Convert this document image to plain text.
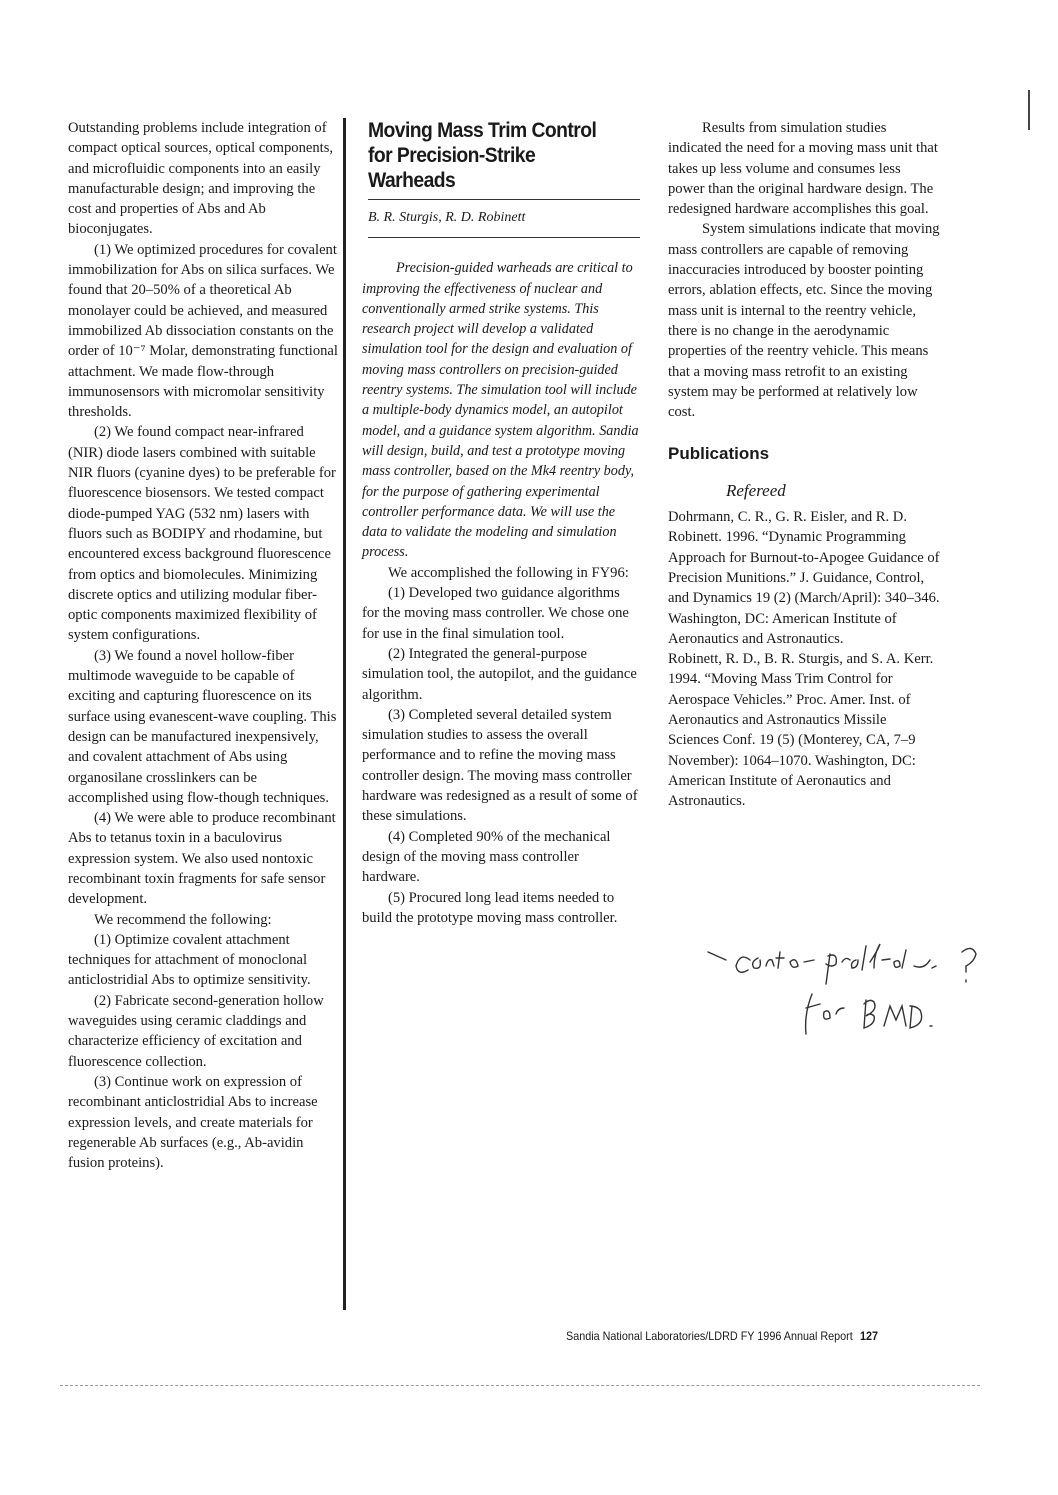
Outstanding problems include integration of compact optical sources, optical components, and microfluidic components into an easily manufacturable design; and improving the cost and properties of Abs and Ab bioconjugates.

(1) We optimized procedures for covalent immobilization for Abs on silica surfaces. We found that 20–50% of a theoretical Ab monolayer could be achieved, and measured immobilized Ab dissociation constants on the order of 10⁻⁷ Molar, demonstrating functional attachment. We made flow-through immunosensors with micromolar sensitivity thresholds.

(2) We found compact near-infrared (NIR) diode lasers combined with suitable NIR fluors (cyanine dyes) to be preferable for fluorescence biosensors. We tested compact diode-pumped YAG (532 nm) lasers with fluors such as BODIPY and rhodamine, but encountered excess background fluorescence from optics and biomolecules. Minimizing discrete optics and utilizing modular fiber-optic components maximized flexibility of system configurations.

(3) We found a novel hollow-fiber multimode waveguide to be capable of exciting and capturing fluorescence on its surface using evanescent-wave coupling. This design can be manufactured inexpensively, and covalent attachment of Abs using organosilane crosslinkers can be accomplished using flow-though techniques.

(4) We were able to produce recombinant Abs to tetanus toxin in a baculovirus expression system. We also used nontoxic recombinant toxin fragments for safe sensor development.

We recommend the following:

(1) Optimize covalent attachment techniques for attachment of monoclonal anticlostridial Abs to optimize sensitivity.

(2) Fabricate second-generation hollow waveguides using ceramic claddings and characterize efficiency of excitation and fluorescence collection.

(3) Continue work on expression of recombinant anticlostridial Abs to increase expression levels, and create materials for regenerable Ab surfaces (e.g., Ab-avidin fusion proteins).

Moving Mass Trim Control for Precision-Strike Warheads
B. R. Sturgis, R. D. Robinett

Precision-guided warheads are critical to improving the effectiveness of nuclear and conventionally armed strike systems. This research project will develop a validated simulation tool for the design and evaluation of moving mass controllers on precision-guided reentry systems. The simulation tool will include a multiple-body dynamics model, an autopilot model, and a guidance system algorithm. Sandia will design, build, and test a prototype moving mass controller, based on the Mk4 reentry body, for the purpose of gathering experimental controller performance data. We will use the data to validate the modeling and simulation process.

We accomplished the following in FY96:

(1) Developed two guidance algorithms for the moving mass controller. We chose one for use in the final simulation tool.

(2) Integrated the general-purpose simulation tool, the autopilot, and the guidance algorithm.

(3) Completed several detailed system simulation studies to assess the overall performance and to refine the moving mass controller design. The moving mass controller hardware was redesigned as a result of some of these simulations.

(4) Completed 90% of the mechanical design of the moving mass controller hardware.

(5) Procured long lead items needed to build the prototype moving mass controller.

Results from simulation studies indicated the need for a moving mass unit that takes up less volume and consumes less power than the original hardware design. The redesigned hardware accomplishes this goal.

System simulations indicate that moving mass controllers are capable of removing inaccuracies introduced by booster pointing errors, ablation effects, etc. Since the moving mass unit is internal to the reentry vehicle, there is no change in the aerodynamic properties of the reentry vehicle. This means that a moving mass retrofit to an existing system may be performed at relatively low cost.

Publications
Refereed

Dohrmann, C. R., G. R. Eisler, and R. D. Robinett. 1996. “Dynamic Programming Approach for Burnout-to-Apogee Guidance of Precision Munitions.” J. Guidance, Control, and Dynamics 19 (2) (March/April): 340–346. Washington, DC: American Institute of Aeronautics and Astronautics.

Robinett, R. D., B. R. Sturgis, and S. A. Kerr. 1994. “Moving Mass Trim Control for Aerospace Vehicles.” Proc. Amer. Inst. of Aeronautics and Astronautics Missile Sciences Conf. 19 (5) (Monterey, CA, 7–9 November): 1064–1070. Washington, DC: American Institute of Aeronautics and Astronautics.

Sandia National Laboratories/LDRD FY 1996 Annual Report 127
